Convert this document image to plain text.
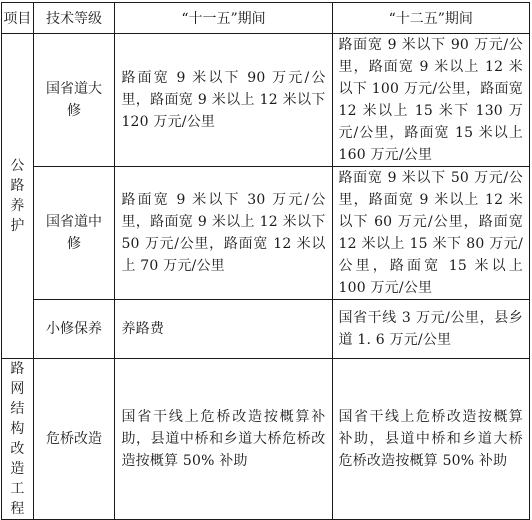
项目	技术等级	“十一五”期间	“十二五”期间
公路养护	国省道大修	路面宽 9 米以下 90 万元/公里，路面宽 9 米以上 12 米以下 120 万元/公里	路面宽 9 米以下 90 万元/公里，路面宽 9 米以上 12 米以下 100 万元/公里，路面宽 12 米以上 15 米下 130 万元/公里，路面宽 15 米以上 160 万元/公里
	国省道中修	路面宽 9 米以下 30 万元/公里，路面宽 9 米以上 12 米以下 50 万元/公里，路面宽 12 米以上 70 万元/公里	路面宽 9 米以下 50 万元/公里，路面宽 9 米以上 12 米以下 60 万元/公里，路面宽 12 米以上 15 米下 80 万元/公里，路面宽 15 米以上 100 万元/公里
	小修保养	养路费	国省干线 3 万元/公里，县乡道 1. 6 万元/公里
路网结构改造工程	危桥改造	国省干线上危桥改造按概算补助，县道中桥和乡道大桥危桥改造按概算 50% 补助	国省干线上危桥改造按概算补助，县道中桥和乡道大桥危桥改造按概算 50% 补助
